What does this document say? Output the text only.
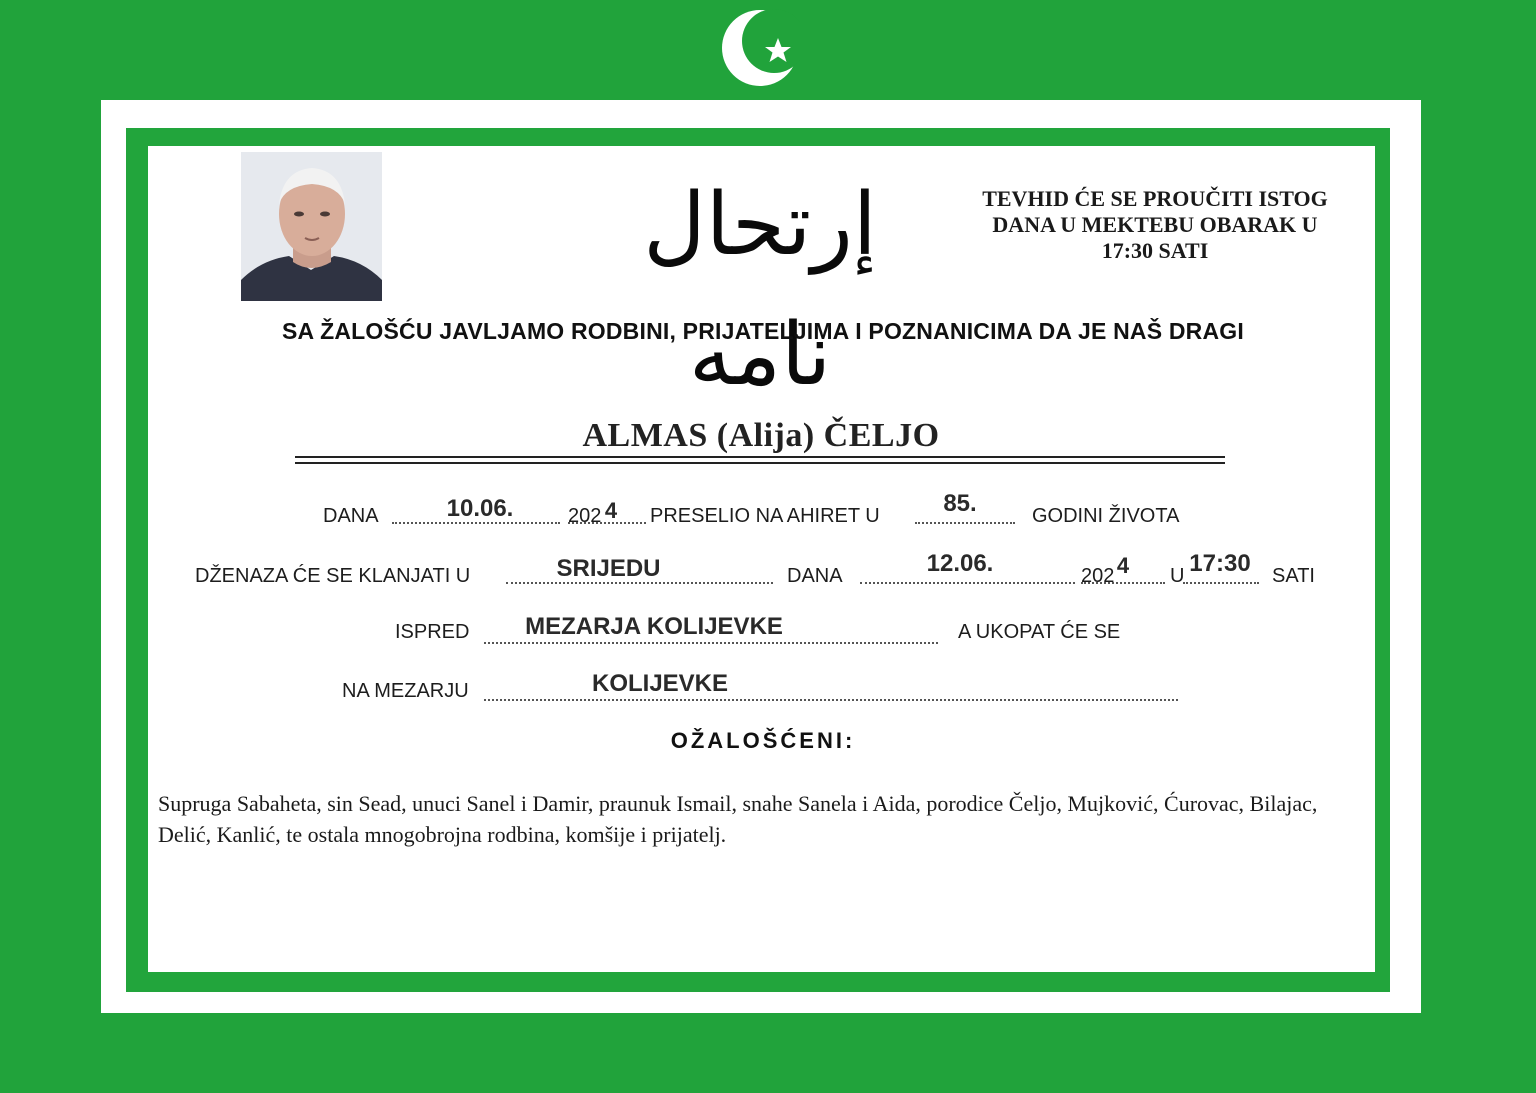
إرتحال نامه
TEVHID ĆE SE PROUČITI ISTOG
DANA U MEKTEBU OBARAK U
17:30 SATI
SA ŽALOŠĆU JAVLJAMO RODBINI, PRIJATELJIMA I POZNANICIMA DA JE NAŠ DRAGI
ALMAS (Alija) ČELJO
DANA	10.06.	202 4 PRESELIO NA AHIRET U	85.	GODINI ŽIVOTA
DŽENAZA ĆE SE KLANJATI U	SRIJEDU	DANA	12.06.	202 4 U 17:30	SATI
ISPRED	MEZARJA KOLIJEVKE	A UKOPAT ĆE SE
NA MEZARJU	KOLIJEVKE
OŽALOŠĆENI:
Supruga Sabaheta, sin Sead, unuci Sanel i Damir, praunuk Ismail, snahe Sanela i Aida, porodice Čeljo, Mujković, Ćurovac, Bilajac, Delić, Kanlić, te ostala mnogobrojna rodbina, komšije i prijatelj.
